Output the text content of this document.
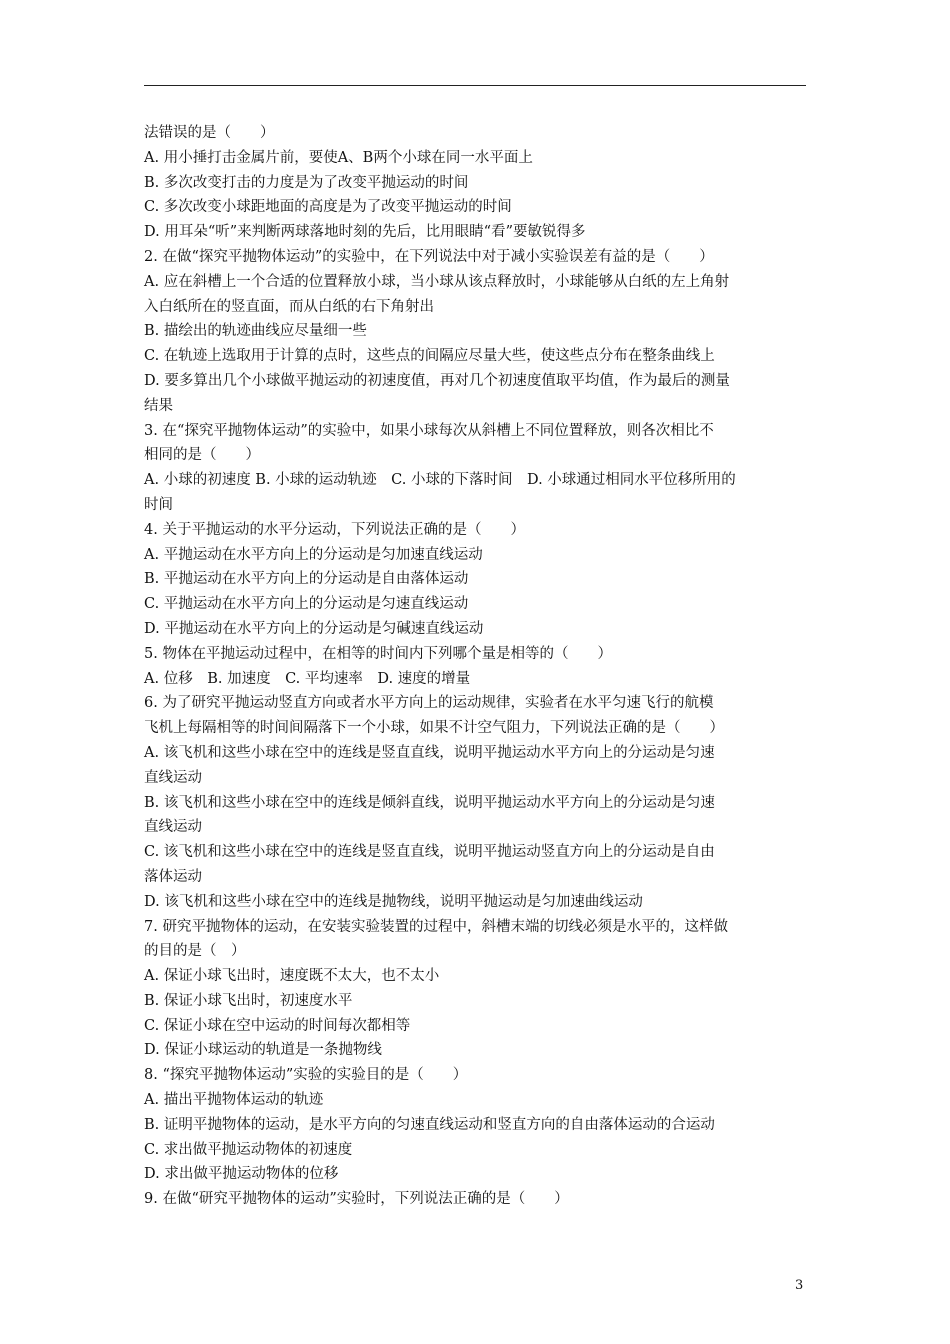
法错误的是（　　）
A. 用小捶打击金属片前，要使A、B两个小球在同一水平面上
B. 多次改变打击的力度是为了改变平抛运动的时间
C. 多次改变小球距地面的高度是为了改变平抛运动的时间
D. 用耳朵“听”来判断两球落地时刻的先后，比用眼睛“看”要敏锐得多
2. 在做“探究平抛物体运动”的实验中，在下列说法中对于减小实验误差有益的是（　　）
A. 应在斜槽上一个合适的位置释放小球，当小球从该点释放时，小球能够从白纸的左上角射
入白纸所在的竖直面，而从白纸的右下角射出
B. 描绘出的轨迹曲线应尽量细一些
C. 在轨迹上选取用于计算的点时，这些点的间隔应尽量大些，使这些点分布在整条曲线上
D. 要多算出几个小球做平抛运动的初速度值，再对几个初速度值取平均值，作为最后的测量
结果
3. 在“探究平抛物体运动”的实验中，如果小球每次从斜槽上不同位置释放，则各次相比不
相同的是（　　）
A. 小球的初速度 B. 小球的运动轨迹　C. 小球的下落时间　D. 小球通过相同水平位移所用的
时间
4. 关于平抛运动的水平分运动，下列说法正确的是（　　）
A. 平抛运动在水平方向上的分运动是匀加速直线运动
B. 平抛运动在水平方向上的分运动是自由落体运动
C. 平抛运动在水平方向上的分运动是匀速直线运动
D. 平抛运动在水平方向上的分运动是匀碱速直线运动
5. 物体在平抛运动过程中，在相等的时间内下列哪个量是相等的（　　）
A. 位移　B. 加速度　C. 平均速率　D. 速度的增量
6. 为了研究平抛运动竖直方向或者水平方向上的运动规律，实验者在水平匀速飞行的航模
飞机上每隔相等的时间间隔落下一个小球，如果不计空气阻力，下列说法正确的是（　　）
A. 该飞机和这些小球在空中的连线是竖直直线，说明平抛运动水平方向上的分运动是匀速
直线运动
B. 该飞机和这些小球在空中的连线是倾斜直线，说明平抛运动水平方向上的分运动是匀速
直线运动
C. 该飞机和这些小球在空中的连线是竖直直线，说明平抛运动竖直方向上的分运动是自由
落体运动
D. 该飞机和这些小球在空中的连线是抛物线，说明平抛运动是匀加速曲线运动
7. 研究平抛物体的运动，在安装实验装置的过程中，斜槽末端的切线必须是水平的，这样做
的目的是（　）
A. 保证小球飞出时，速度既不太大，也不太小
B. 保证小球飞出时，初速度水平
C. 保证小球在空中运动的时间每次都相等
D. 保证小球运动的轨道是一条抛物线
8. “探究平抛物体运动”实验的实验目的是（　　）
A. 描出平抛物体运动的轨迹
B. 证明平抛物体的运动，是水平方向的匀速直线运动和竖直方向的自由落体运动的合运动
C. 求出做平抛运动物体的初速度
D. 求出做平抛运动物体的位移
9. 在做“研究平抛物体的运动”实验时，下列说法正确的是（　　）
3
